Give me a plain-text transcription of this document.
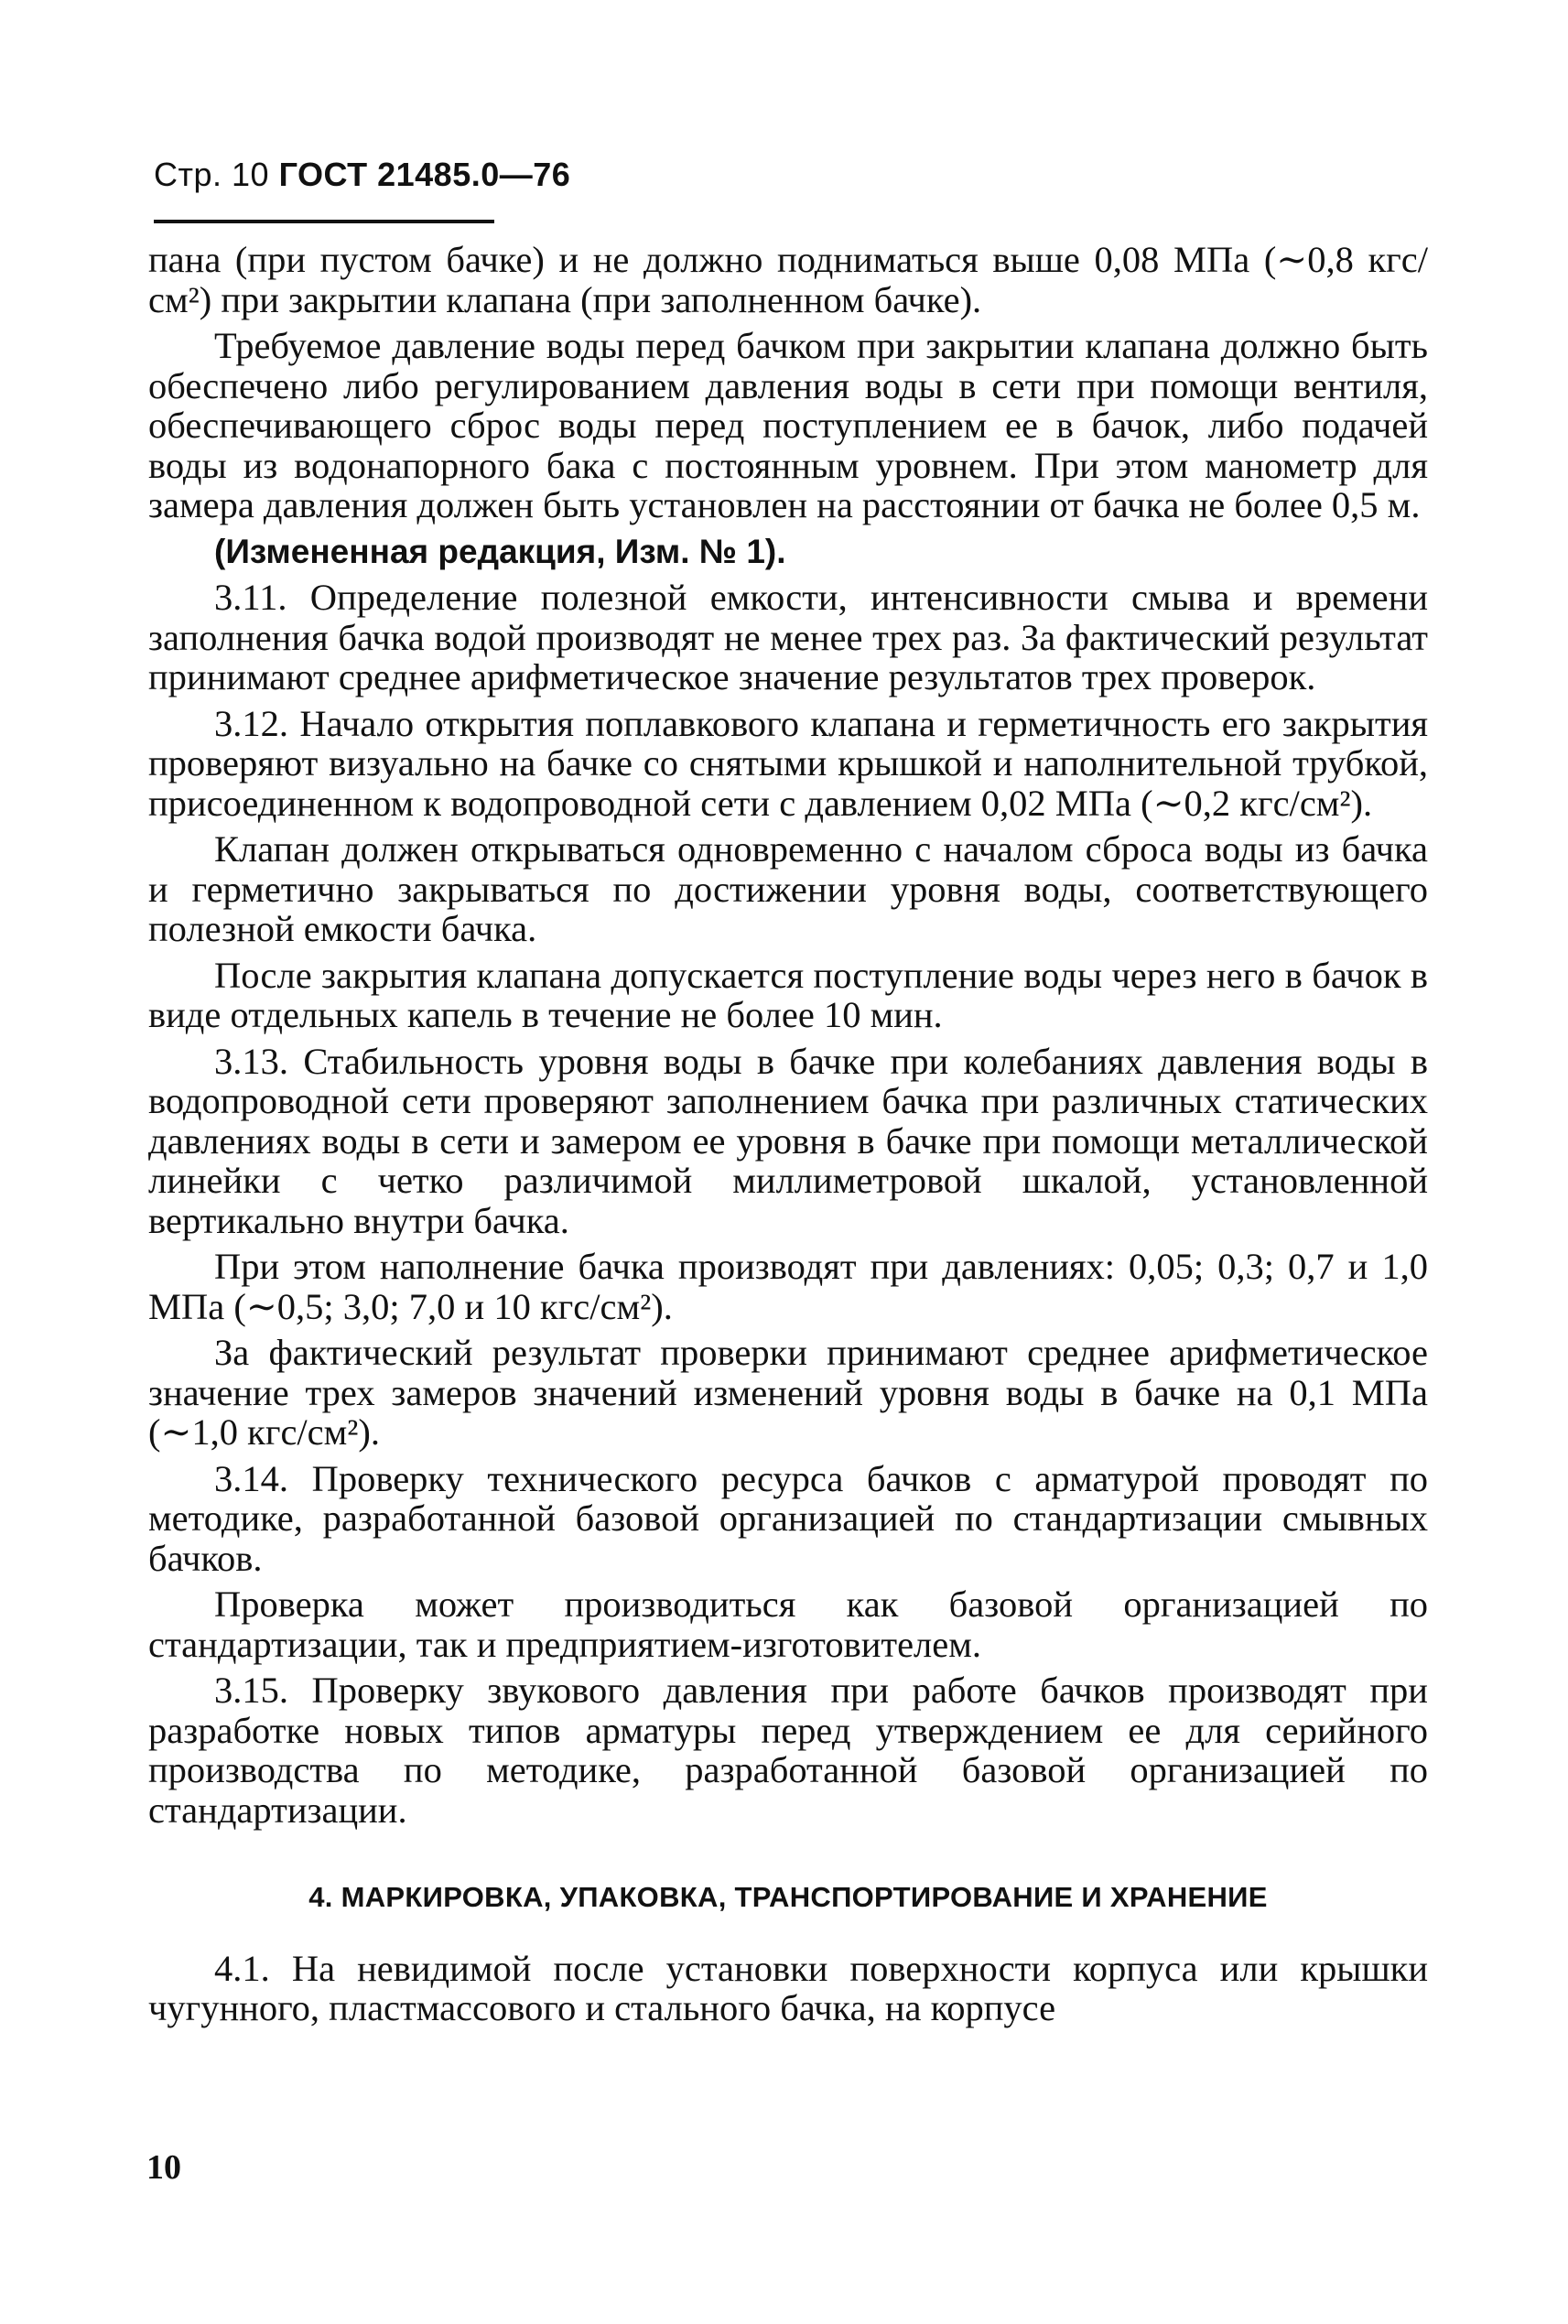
Стр. 10 ГОСТ 21485.0—76

пана (при пустом бачке) и не должно подниматься выше 0,08 МПа (∼0,8 кгс/см²) при закрытии клапана (при заполненном бачке).

Требуемое давление воды перед бачком при закрытии клапана должно быть обеспечено либо регулированием давления воды в сети при помощи вентиля, обеспечивающего сброс воды перед поступлением ее в бачок, либо подачей воды из водонапорного бака с постоянным уровнем. При этом манометр для замера давления должен быть установлен на расстоянии от бачка не более 0,5 м.

(Измененная редакция, Изм. № 1).

3.11. Определение полезной емкости, интенсивности смыва и времени заполнения бачка водой производят не менее трех раз. За фактический результат принимают среднее арифметическое значение результатов трех проверок.

3.12. Начало открытия поплавкового клапана и герметичность его закрытия проверяют визуально на бачке со снятыми крышкой и наполнительной трубкой, присоединенном к водопроводной сети с давлением 0,02 МПа (∼0,2 кгс/см²).

Клапан должен открываться одновременно с началом сброса воды из бачка и герметично закрываться по достижении уровня воды, соответствующего полезной емкости бачка.

После закрытия клапана допускается поступление воды через него в бачок в виде отдельных капель в течение не более 10 мин.

3.13. Стабильность уровня воды в бачке при колебаниях давления воды в водопроводной сети проверяют заполнением бачка при различных статических давлениях воды в сети и замером ее уровня в бачке при помощи металлической линейки с четко различимой миллиметровой шкалой, установленной вертикально внутри бачка.

При этом наполнение бачка производят при давлениях: 0,05; 0,3; 0,7 и 1,0 МПа (∼0,5; 3,0; 7,0 и 10 кгс/см²).

За фактический результат проверки принимают среднее арифметическое значение трех замеров значений изменений уровня воды в бачке на 0,1 МПа (∼1,0 кгс/см²).

3.14. Проверку технического ресурса бачков с арматурой проводят по методике, разработанной базовой организацией по стандартизации смывных бачков.

Проверка может производиться как базовой организацией по стандартизации, так и предприятием-изготовителем.

3.15. Проверку звукового давления при работе бачков производят при разработке новых типов арматуры перед утверждением ее для серийного производства по методике, разработанной базовой организацией по стандартизации.

4. МАРКИРОВКА, УПАКОВКА, ТРАНСПОРТИРОВАНИЕ И ХРАНЕНИЕ

4.1. На невидимой после установки поверхности корпуса или крышки чугунного, пластмассового и стального бачка, на корпусе

10
